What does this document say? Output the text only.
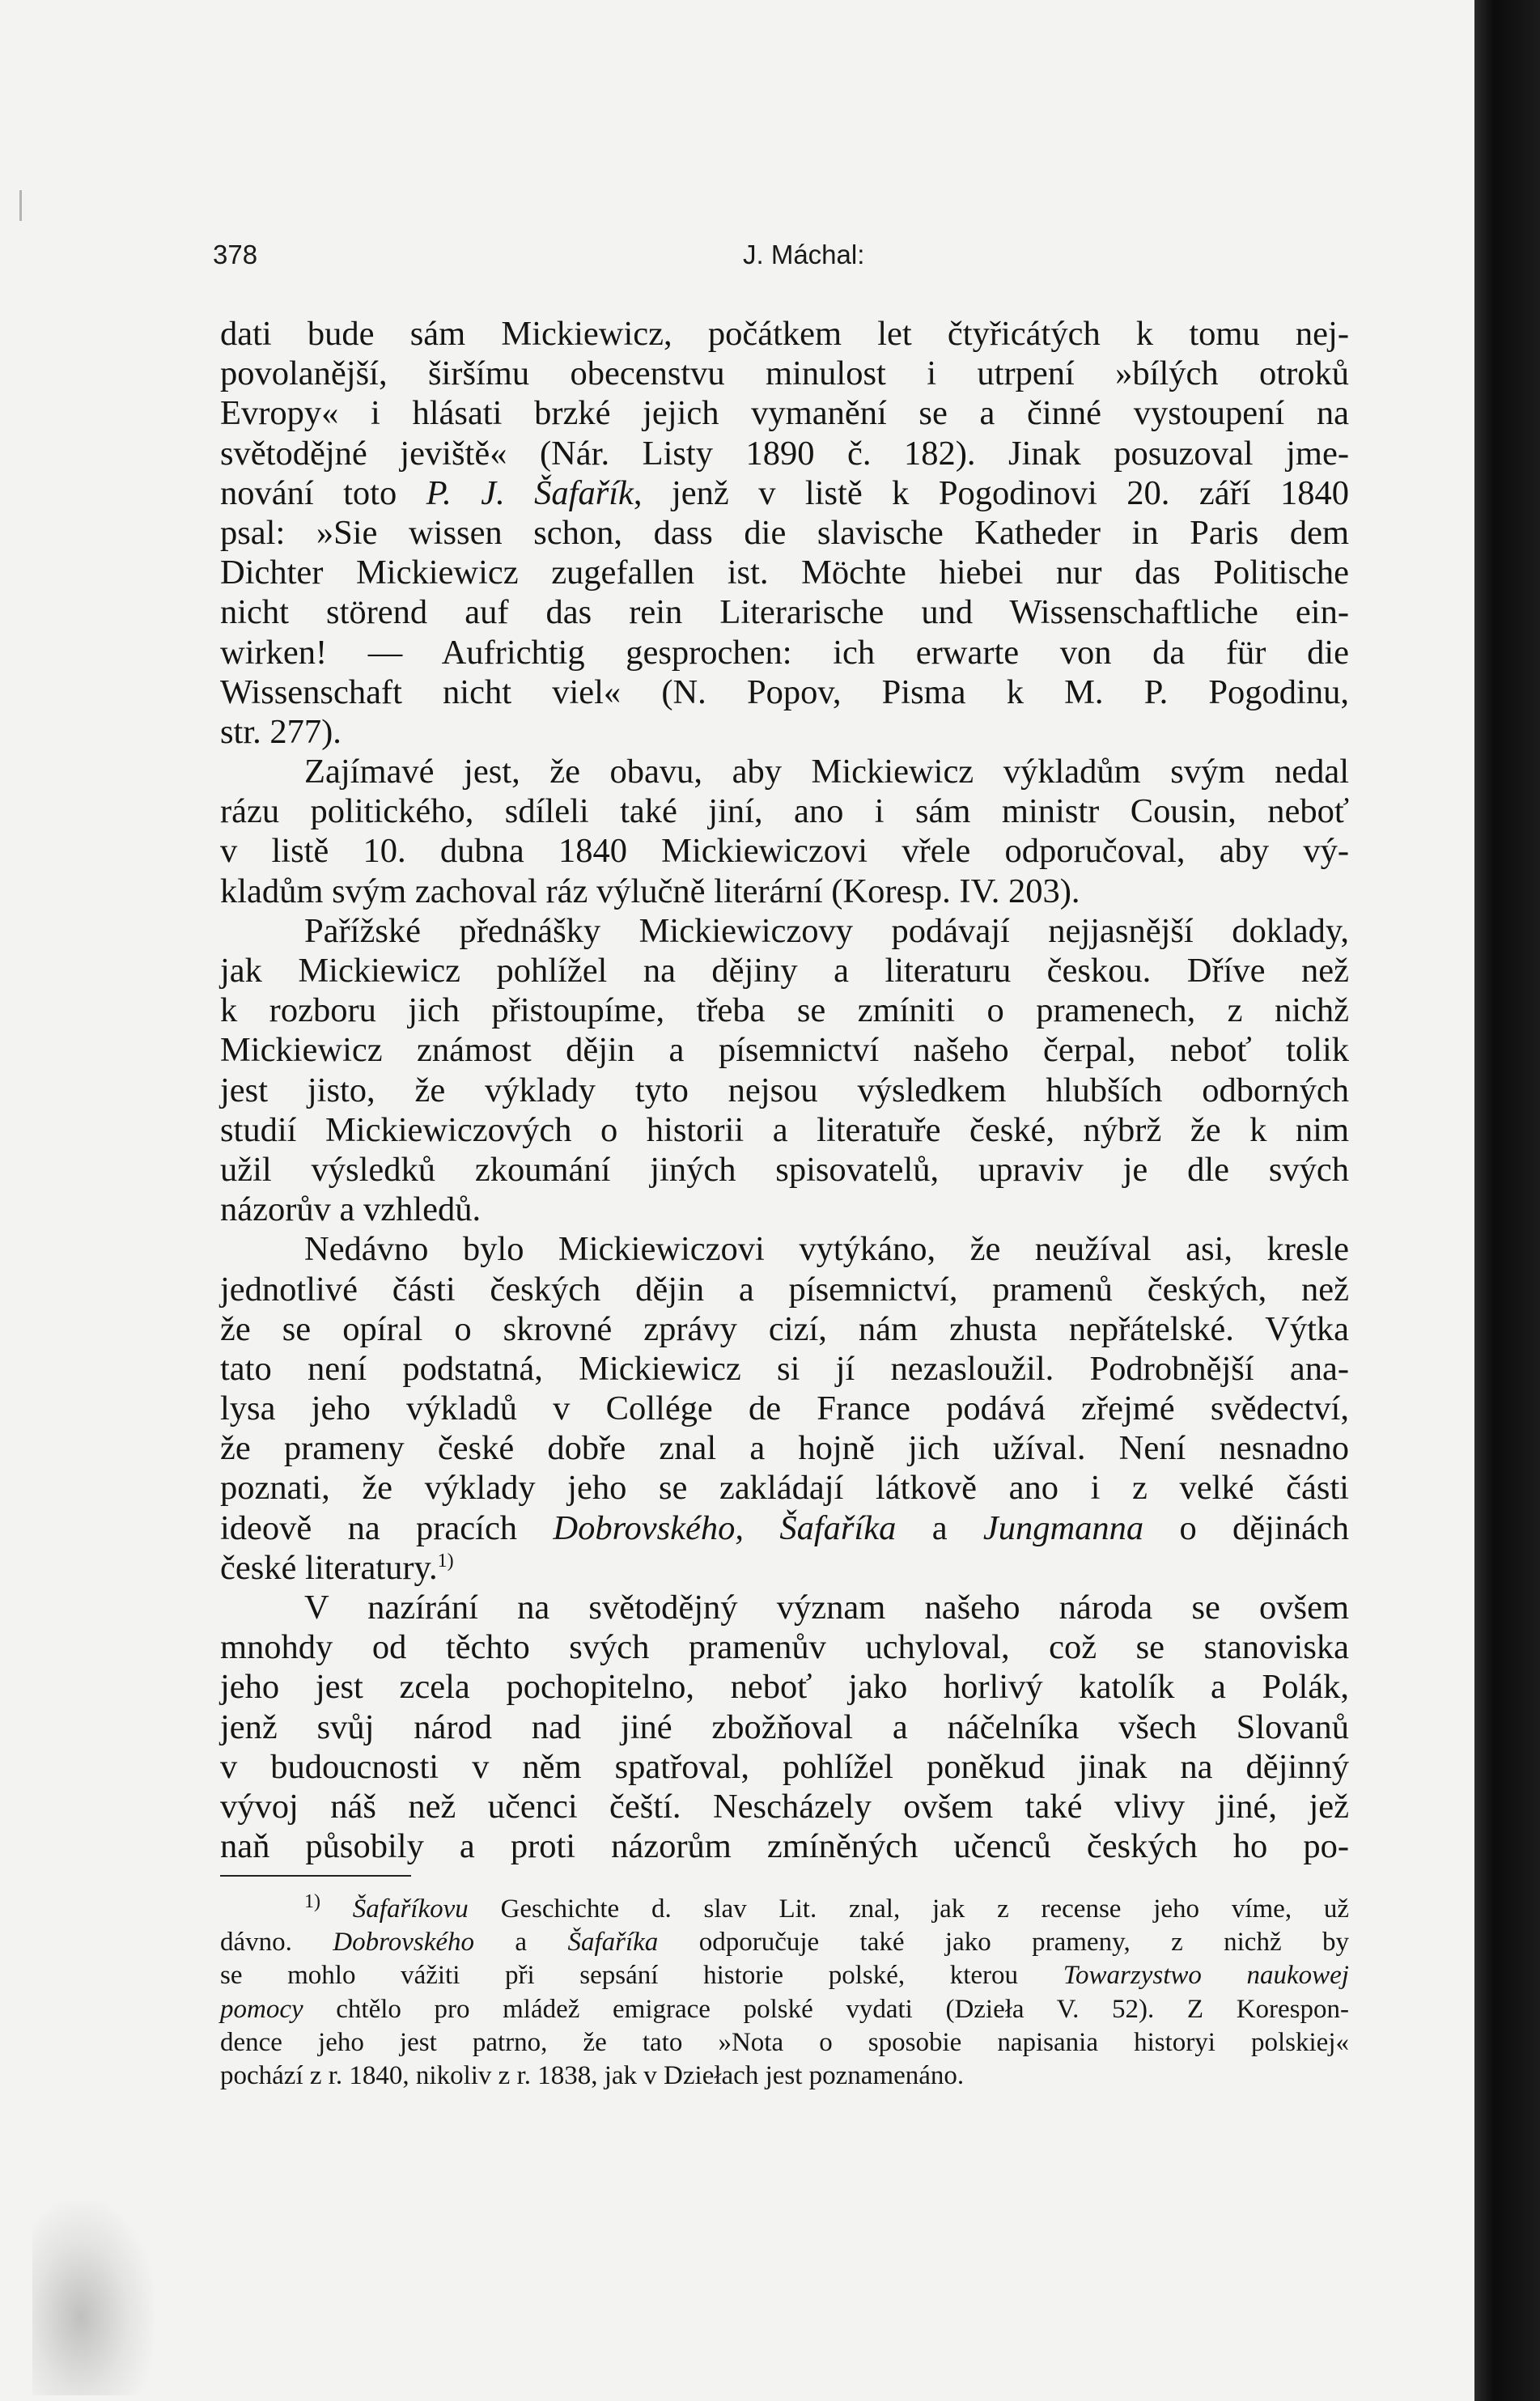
378	J. Máchal:
dati bude sám Mickiewicz, počátkem let čtyřicátých k tomu nej-
povolanější, širšímu obecenstvu minulost i utrpení »bílých otroků
Evropy« i hlásati brzké jejich vymanění se a činné vystoupení na
světodějné jeviště« (Nár. Listy 1890 č. 182). Jinak posuzoval jme-
nování toto P. J. Šafařík, jenž v listě k Pogodinovi 20. září 1840
psal: »Sie wissen schon, dass die slavische Katheder in Paris dem
Dichter Mickiewicz zugefallen ist. Möchte hiebei nur das Politische
nicht störend auf das rein Literarische und Wissenschaftliche ein-
wirken! — Aufrichtig gesprochen: ich erwarte von da für die
Wissenschaft nicht viel« (N. Popov, Pisma k M. P. Pogodinu,
str. 277).
Zajímavé jest, že obavu, aby Mickiewicz výkladům svým nedal
rázu politického, sdíleli také jiní, ano i sám ministr Cousin, neboť
v listě 10. dubna 1840 Mickiewiczovi vřele odporučoval, aby vý-
kladům svým zachoval ráz výlučně literární (Koresp. IV. 203).
Pařížské přednášky Mickiewiczovy podávají nejjasnější doklady,
jak Mickiewicz pohlížel na dějiny a literaturu českou. Dříve než
k rozboru jich přistoupíme, třeba se zmíniti o pramenech, z nichž
Mickiewicz známost dějin a písemnictví našeho čerpal, neboť tolik
jest jisto, že výklady tyto nejsou výsledkem hlubších odborných
studií Mickiewiczových o historii a literatuře české, nýbrž že k nim
užil výsledků zkoumání jiných spisovatelů, upraviv je dle svých
názorův a vzhledů.
Nedávno bylo Mickiewiczovi vytýkáno, že neužíval asi, kresle
jednotlivé části českých dějin a písemnictví, pramenů českých, než
že se opíral o skrovné zprávy cizí, nám zhusta nepřátelské. Výtka
tato není podstatná, Mickiewicz si jí nezasloužil. Podrobnější ana-
lysa jeho výkladů v Collége de France podává zřejmé svědectví,
že prameny české dobře znal a hojně jich užíval. Není nesnadno
poznati, že výklady jeho se zakládají látkově ano i z velké části
ideově na pracích Dobrovského, Šafaříka a Jungmanna o dějinách
české literatury.$^{1)}$
V nazírání na světodějný význam našeho národa se ovšem
mnohdy od těchto svých pramenův uchyloval, což se stanoviska
jeho jest zcela pochopitelno, neboť jako horlivý katolík a Polák,
jenž svůj národ nad jiné zbožňoval a náčelníka všech Slovanů
v budoucnosti v něm spatřoval, pohlížel poněkud jinak na dějinný
vývoj náš než učenci čeští. Nescházely ovšem také vlivy jiné, jež
naň působily a proti názorům zmíněných učenců českých ho po-
$^{1)}$ Šafaříkovu Geschichte d. slav Lit. znal, jak z recense jeho víme, už
dávno. Dobrovského a Šafaříka odporučuje také jako prameny, z nichž by
se mohlo vážiti při sepsání historie polské, kterou Towarzystwo naukowej
pomocy chtělo pro mládež emigrace polské vydati (Dzieła V. 52). Z Korespon-
dence jeho jest patrno, že tato »Nota o sposobie napisania historyi polskiej«
pochází z r. 1840, nikoliv z r. 1838, jak v Dziełach jest poznamenáno.
